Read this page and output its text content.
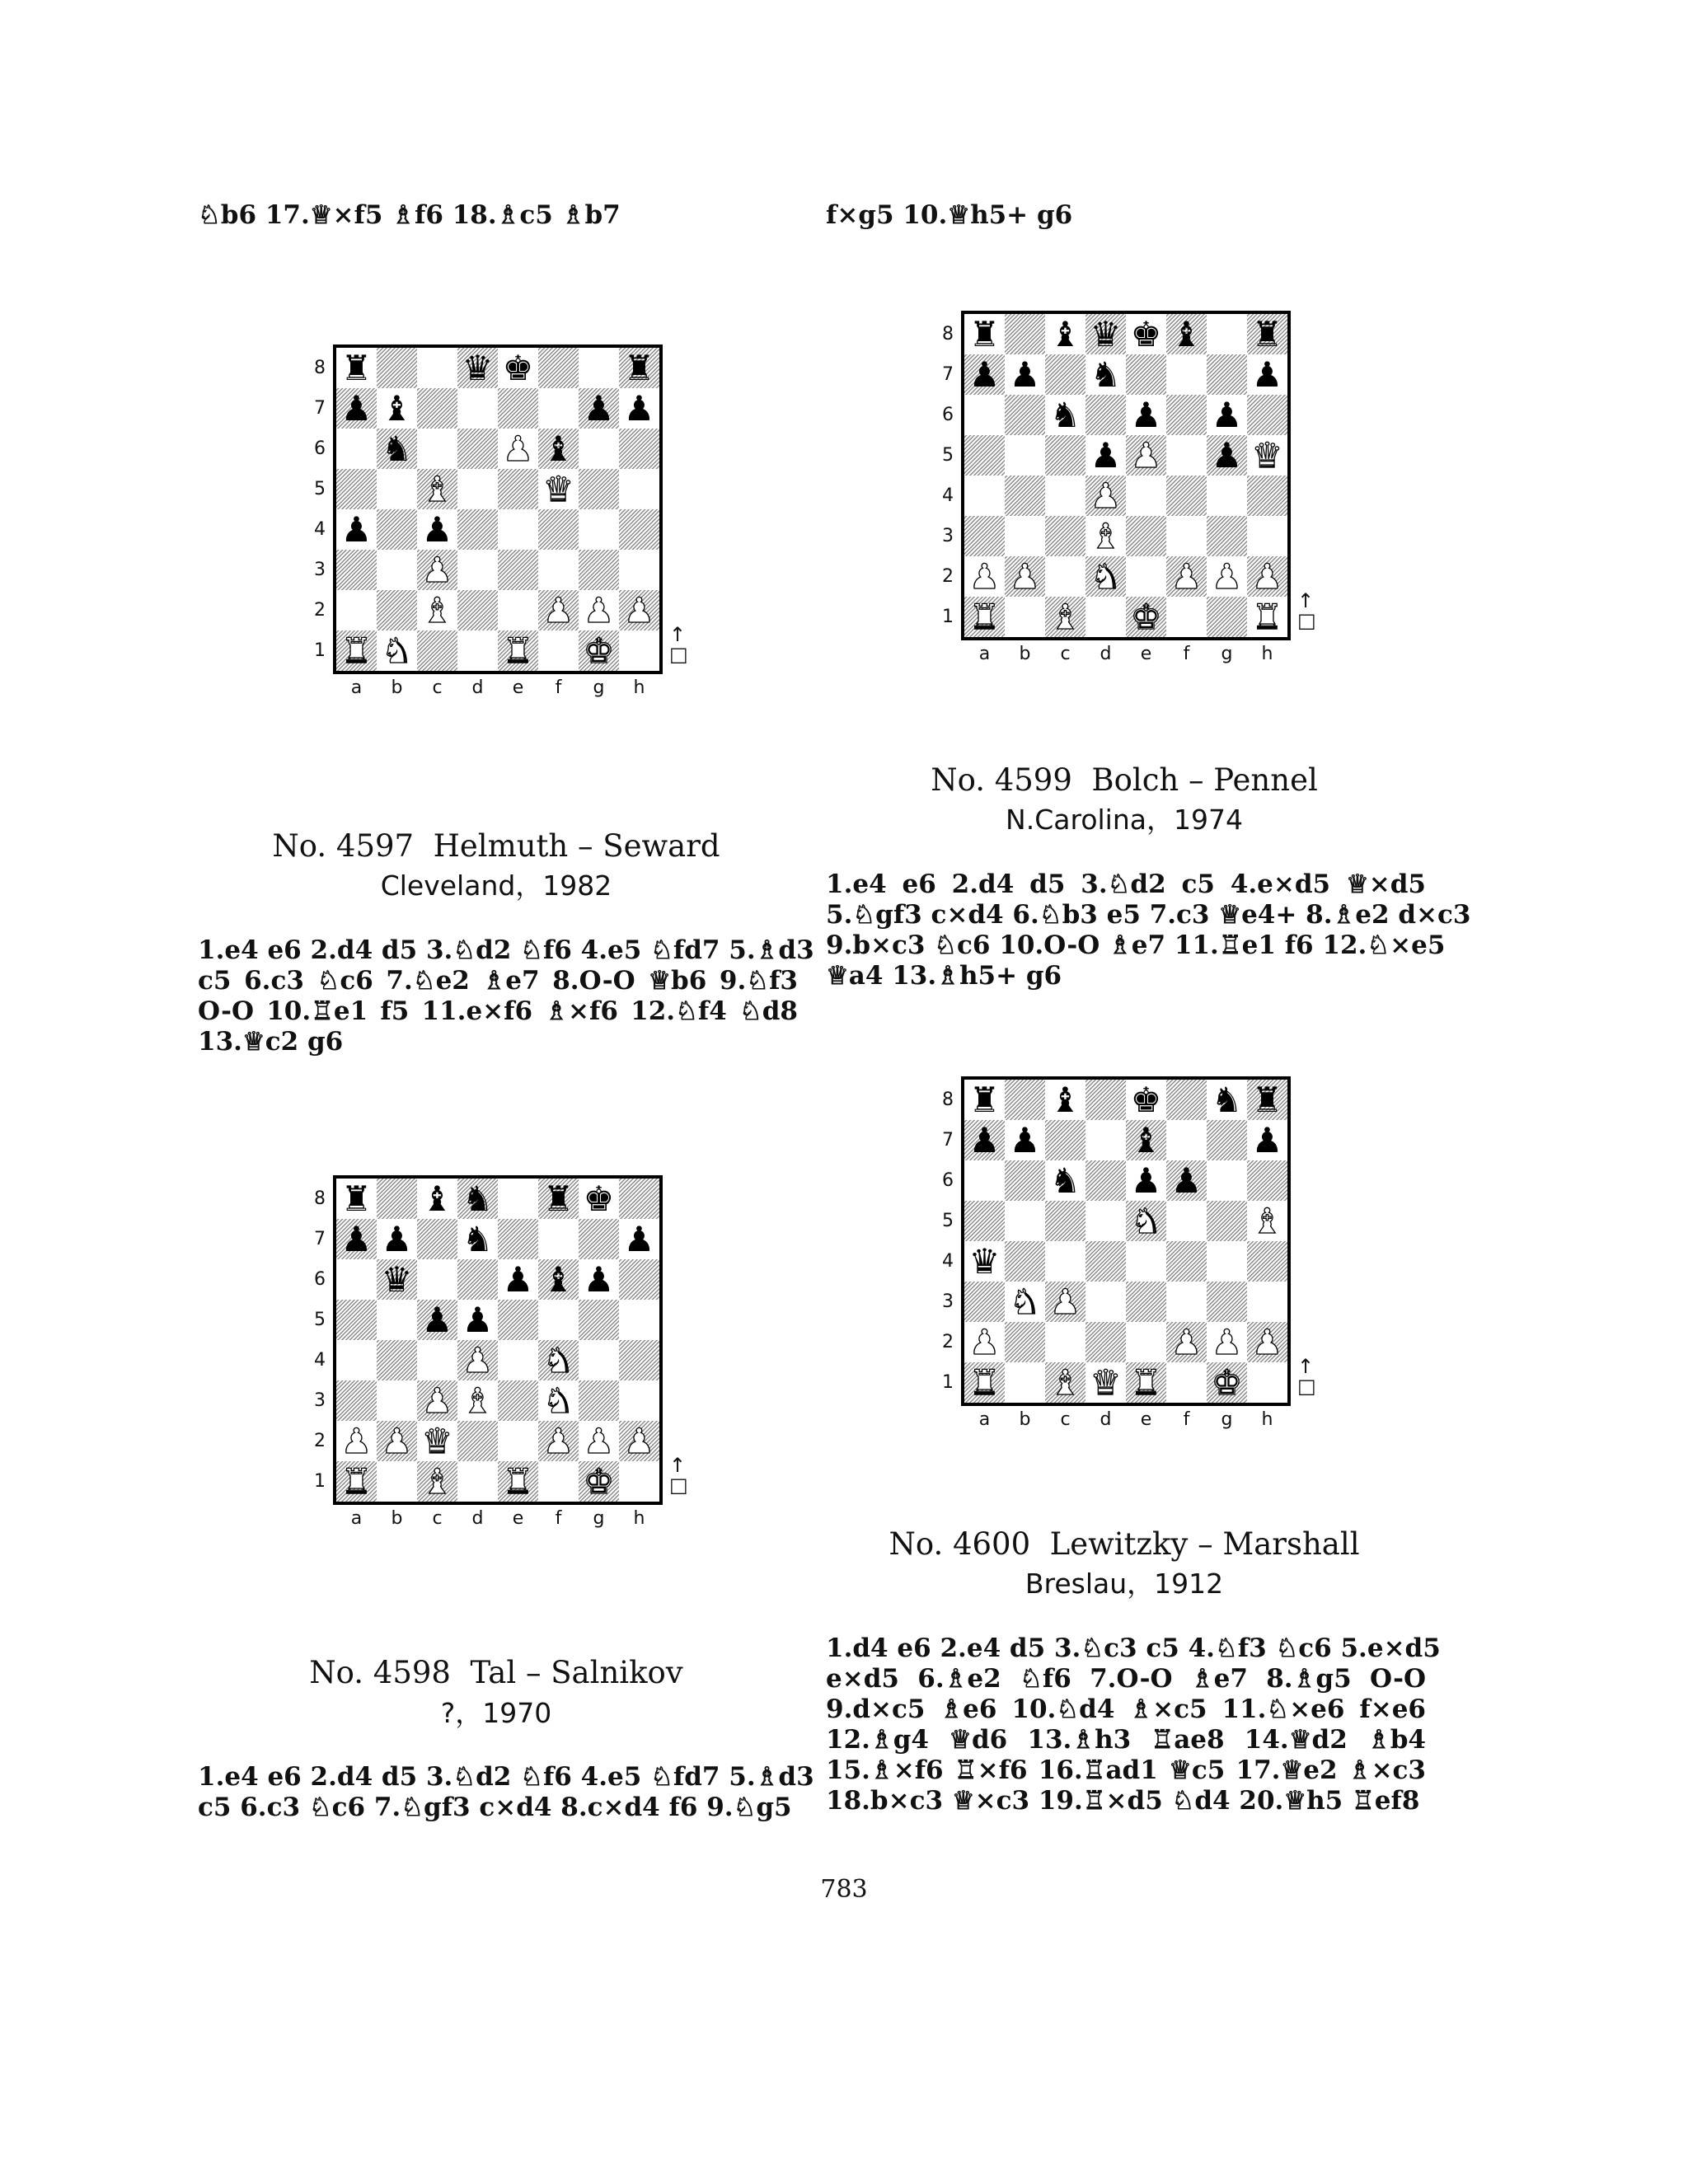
♘b6 17.♕×f5 ♗f6 18.♗c5 ♗b7	f×g5 10.♕h5+ g6
♜	♛ ♚	♜
♟ ♝	♟ ♟
♞	♟ ♝
♝	♛
♟ ♟
♟
♝	♟ ♟ ♟
♜ ♞	♜ ♚
8
7
6
5
4
3
2
1
a	b	c	d	e	f	g	h
↑
□
♜ ♝ ♞ ♜ ♚
♟ ♟ ♞	♟
♛	♟ ♝ ♟
♟ ♟
♟ ♞
♟ ♝ ♞
♟ ♟ ♛	♟ ♟ ♟
♜ ♝ ♜ ♚
8
7
6
5
4
3
2
1
a	b	c	d	e	f	g	h
↑
□
♜ ♝ ♛ ♚ ♝ ♜
♟ ♟ ♞	♟
♞ ♟ ♟
♟ ♟ ♟ ♛
♟
♝
♟ ♟ ♞ ♟ ♟ ♟
♜ ♝ ♚	♜
8
7
6
5
4
3
2
1
a	b	c	d	e	f	g	h
↑
□
♜ ♝ ♚ ♞ ♜
♟ ♟	♝	♟
♞ ♟ ♟
♞	♝
♛
♞ ♟
♟	♟ ♟ ♟
♜ ♝ ♛ ♜ ♚
8
7
6
5
4
3
2
1
a	b	c	d	e	f	g	h
↑
□
No. 4597 Helmuth – Seward
Cleveland，1982
1.e4 e6 2.d4 d5 3.♘d2 ♘f6 4.e5 ♘fd7 5.♗d3
c5 6.c3 ♘c6 7.♘e2 ♗e7 8.O-O ♕b6 9.♘f3
O-O 10.♖e1 f5 11.e×f6 ♗×f6 12.♘f4 ♘d8
13.♕c2 g6
No. 4598 Tal – Salnikov
?，1970
1.e4 e6 2.d4 d5 3.♘d2 ♘f6 4.e5 ♘fd7 5.♗d3
c5 6.c3 ♘c6 7.♘gf3 c×d4 8.c×d4 f6 9.♘g5
No. 4599 Bolch – Pennel
N.Carolina，1974
1.e4 e6 2.d4 d5 3.♘d2 c5 4.e×d5 ♕×d5
5.♘gf3 c×d4 6.♘b3 e5 7.c3 ♕e4+ 8.♗e2 d×c3
9.b×c3 ♘c6 10.O-O ♗e7 11.♖e1 f6 12.♘×e5
♕a4 13.♗h5+ g6
No. 4600 Lewitzky – Marshall
Breslau，1912
1.d4 e6 2.e4 d5 3.♘c3 c5 4.♘f3 ♘c6 5.e×d5
e×d5 6.♗e2 ♘f6 7.O-O ♗e7 8.♗g5 O-O
9.d×c5 ♗e6 10.♘d4 ♗×c5 11.♘×e6 f×e6
12.♗g4 ♕d6 13.♗h3 ♖ae8 14.♕d2 ♗b4
15.♗×f6 ♖×f6 16.♖ad1 ♕c5 17.♕e2 ♗×c3
18.b×c3 ♕×c3 19.♖×d5 ♘d4 20.♕h5 ♖ef8
783
